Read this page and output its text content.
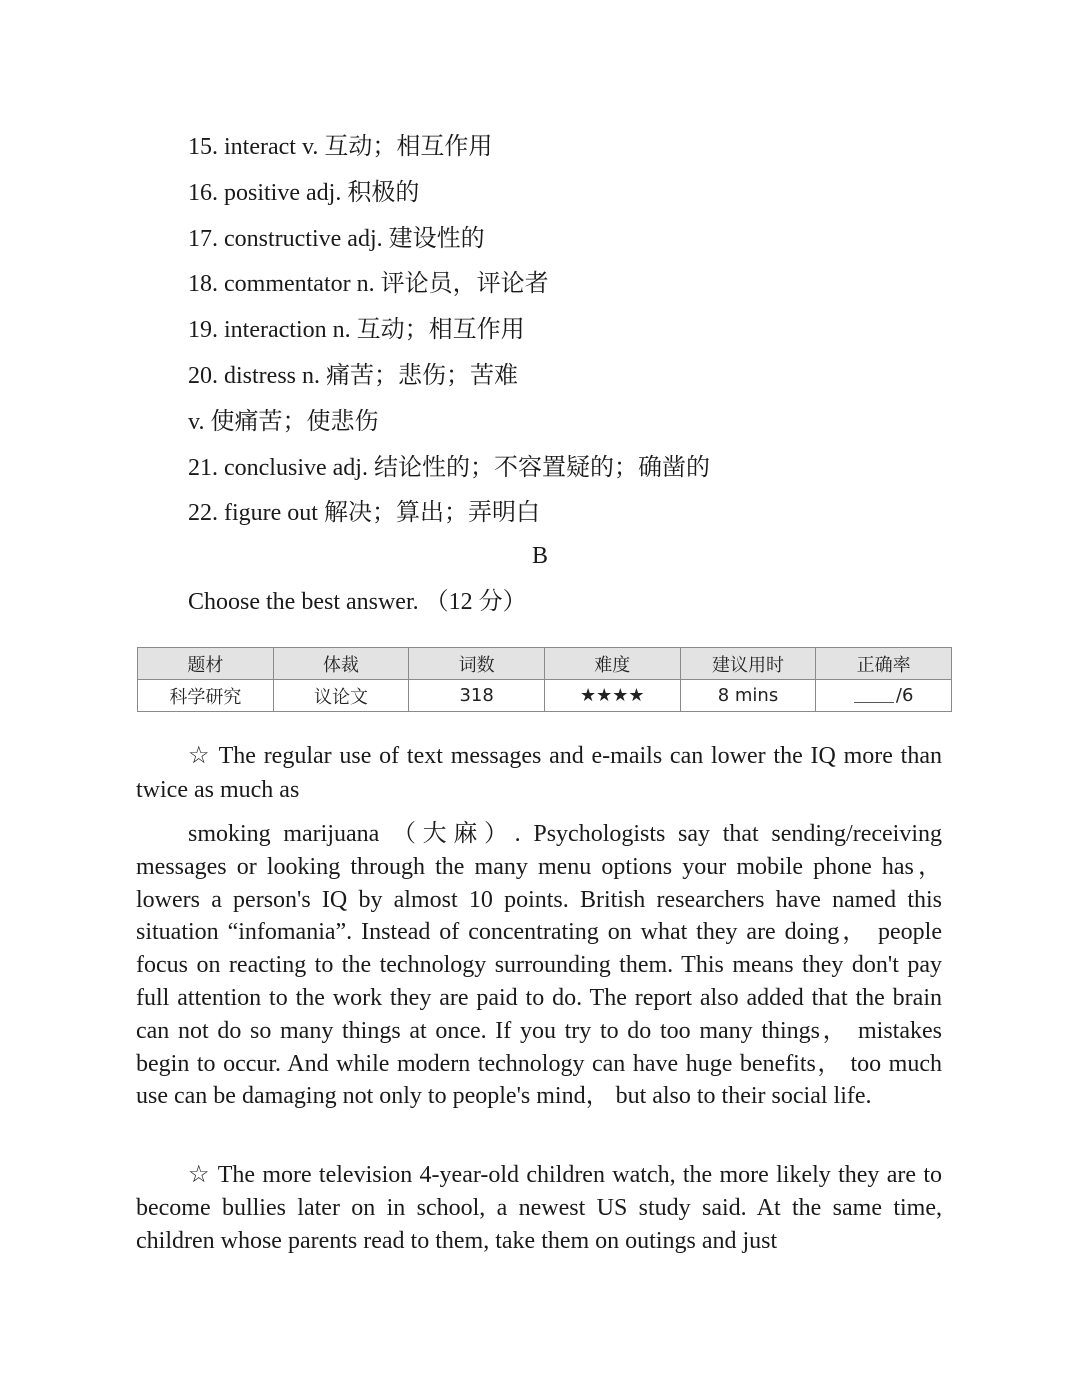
15. interact v. 互动；相互作用
16. positive adj. 积极的
17. constructive adj. 建设性的
18. commentator n. 评论员，评论者
19. interaction n. 互动；相互作用
20. distress n. 痛苦；悲伤；苦难
v. 使痛苦；使悲伤
21. conclusive adj. 结论性的；不容置疑的；确凿的
22. figure out 解决；算出；弄明白
B
Choose the best answer. （12 分）
题材	体裁	词数	难度	建议用时	正确率
科学研究	议论文	318	★★★★	8 mins	/6

☆ The regular use of text messages and e-mails can lower the IQ more than twice as much as

smoking marijuana （大麻）. Psychologists say that sending/receiving messages or looking through the many menu options your mobile phone has， lowers a person's IQ by almost 10 points. British researchers have named this situation “infomania”. Instead of concentrating on what they are doing， people focus on reacting to the technology surrounding them. This means they don't pay full attention to the work they are paid to do. The report also added that the brain can not do so many things at once. If you try to do too many things， mistakes begin to occur. And while modern technology can have huge benefits， too much use can be damaging not only to people's mind， but also to their social life.

☆ The more television 4-year-old children watch, the more likely they are to become bullies later on in school, a newest US study said. At the same time, children whose parents read to them, take them on outings and just
